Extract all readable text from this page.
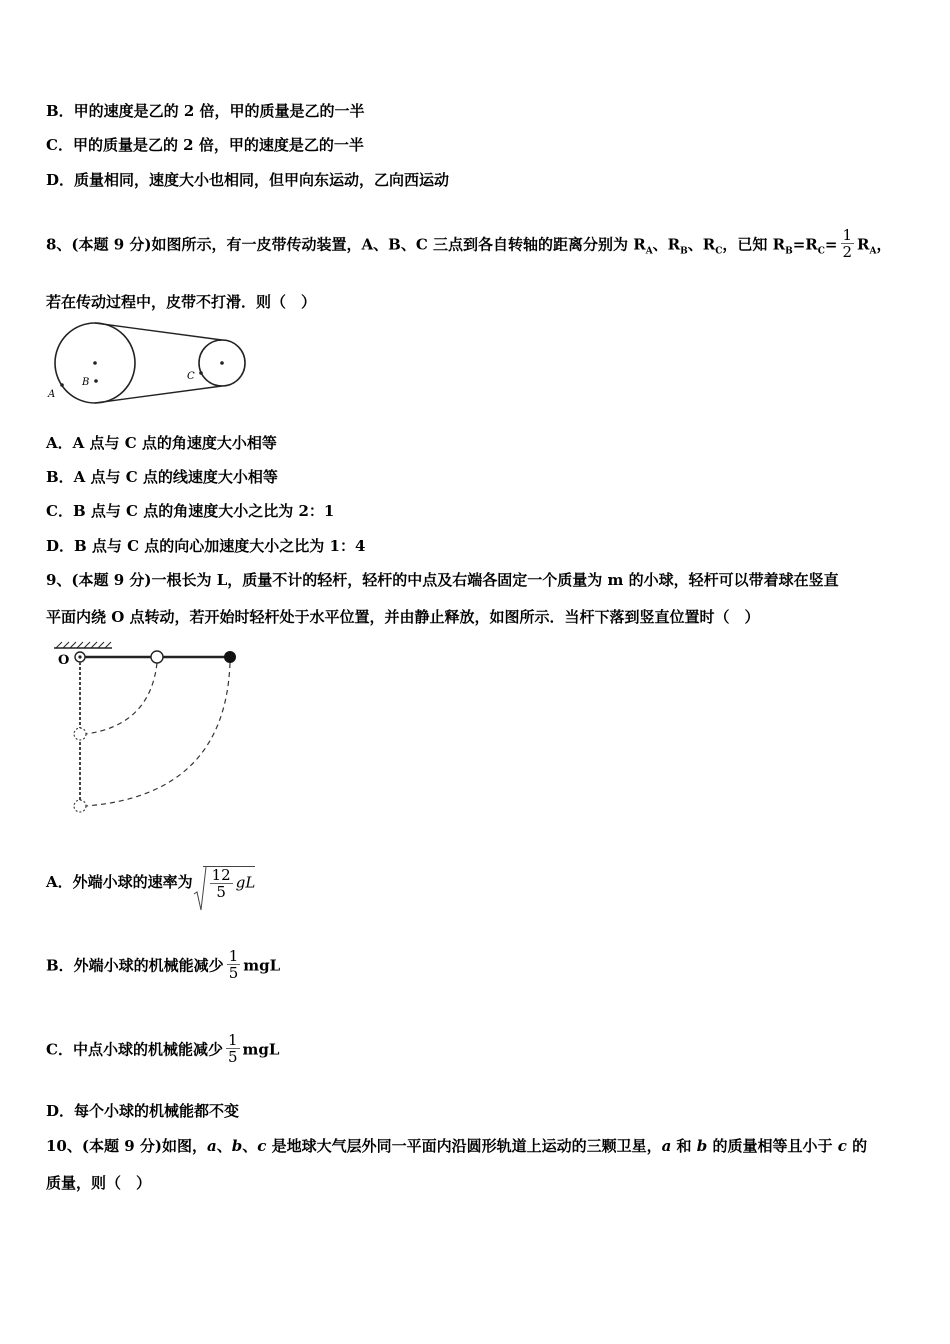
B．甲的速度是乙的 2 倍，甲的质量是乙的一半
C．甲的质量是乙的 2 倍，甲的速度是乙的一半
D．质量相同，速度大小也相同，但甲向东运动，乙向西运动
8、(本题 9 分)如图所示，有一皮带传动装置，A、B、C 三点到各自转轴的距离分别为 $R_A$、$R_B$、$R_C$，已知 $R_B=R_C= \frac{1}{2} R_A$，
若在传动过程中，皮带不打滑．则（　）
A
B
C
A．A 点与 C 点的角速度大小相等
B．A 点与 C 点的线速度大小相等
C．B 点与 C 点的角速度大小之比为 2：1
D．B 点与 C 点的向心加速度大小之比为 1：4
9、(本题 9 分)一根长为 L，质量不计的轻杆，轻杆的中点及右端各固定一个质量为 m 的小球，轻杆可以带着球在竖直
平面内绕 O 点转动，若开始时轻杆处于水平位置，并由静止释放，如图所示．当杆下落到竖直位置时（　）
O
A．外端小球的速率为 $\frac{12}{5}$ gL
B．外端小球的机械能减少 $\frac{1}{5}$ mgL
C．中点小球的机械能减少 $\frac{1}{5}$ mgL
D．每个小球的机械能都不变
10、(本题 9 分)如图，a、b、c 是地球大气层外同一平面内沿圆形轨道上运动的三颗卫星，a 和 b 的质量相等且小于 c 的
质量，则（　）
